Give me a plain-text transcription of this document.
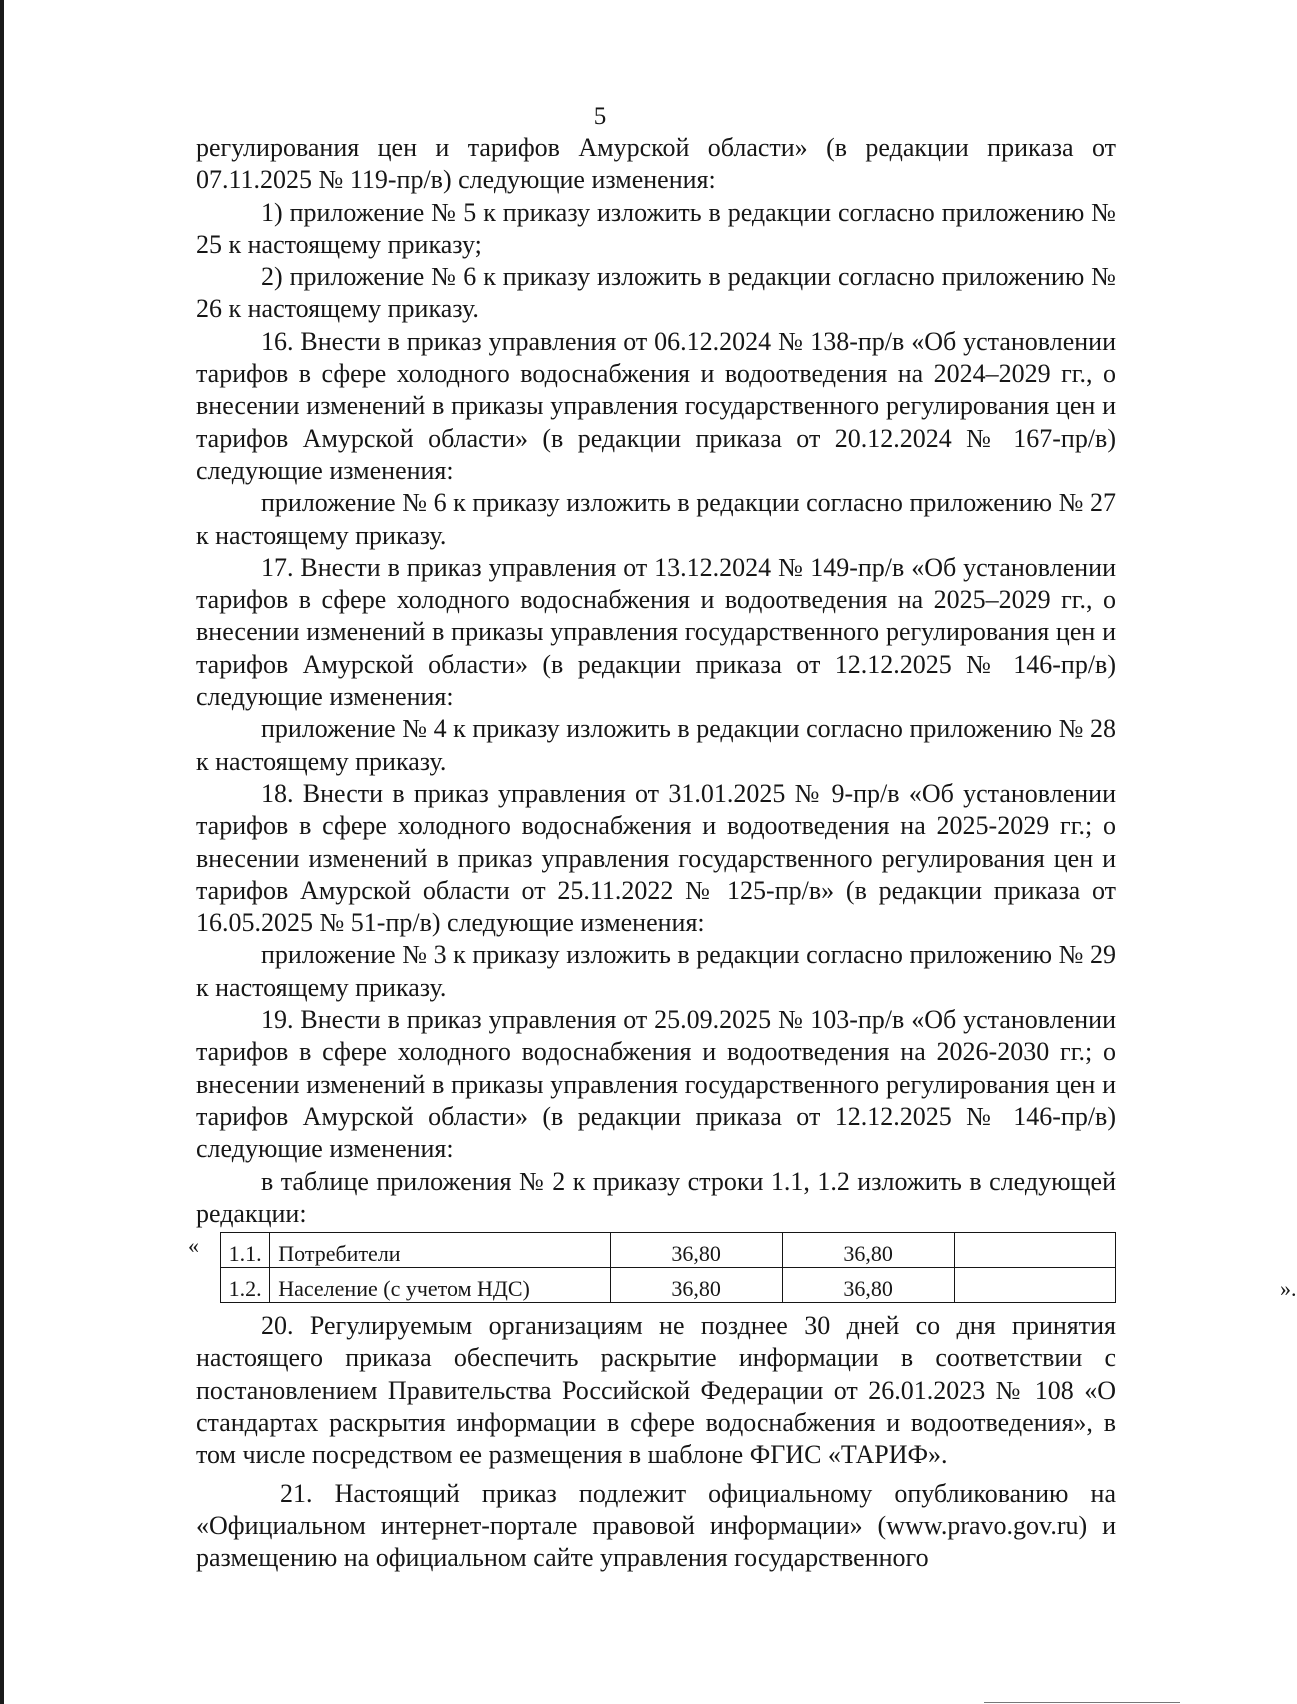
5

регулирования цен и тарифов Амурской области» (в редакции приказа от 07.11.2025 № 119-пр/в) следующие изменения:

1) приложение № 5 к приказу изложить в редакции согласно приложению № 25 к настоящему приказу;

2) приложение № 6 к приказу изложить в редакции согласно приложению № 26 к настоящему приказу.

16. Внести в приказ управления от 06.12.2024 № 138-пр/в «Об установлении тарифов в сфере холодного водоснабжения и водоотведения на 2024–2029 гг., о внесении изменений в приказы управления государственного регулирования цен и тарифов Амурской области» (в редакции приказа от 20.12.2024 № 167-пр/в) следующие изменения:

приложение № 6 к приказу изложить в редакции согласно приложению № 27 к настоящему приказу.

17. Внести в приказ управления от 13.12.2024 № 149-пр/в «Об установлении тарифов в сфере холодного водоснабжения и водоотведения на 2025–2029 гг., о внесении изменений в приказы управления государственного регулирования цен и тарифов Амурской области» (в редакции приказа от 12.12.2025 № 146-пр/в) следующие изменения:

приложение № 4 к приказу изложить в редакции согласно приложению № 28 к настоящему приказу.

18. Внести в приказ управления от 31.01.2025 № 9-пр/в «Об установлении тарифов в сфере холодного водоснабжения и водоотведения на 2025-2029 гг.; о внесении изменений в приказ управления государственного регулирования цен и тарифов Амурской области от 25.11.2022 № 125-пр/в» (в редакции приказа от 16.05.2025 № 51-пр/в) следующие изменения:

приложение № 3 к приказу изложить в редакции согласно приложению № 29 к настоящему приказу.

19. Внести в приказ управления от 25.09.2025 № 103-пр/в «Об установлении тарифов в сфере холодного водоснабжения и водоотведения на 2026-2030 гг.; о внесении изменений в приказы управления государственного регулирования цен и тарифов Амурской области» (в редакции приказа от 12.12.2025 № 146-пр/в) следующие изменения:

в таблице приложения № 2 к приказу строки 1.1, 1.2 изложить в следующей редакции:

« 1.1.	Потребители	36,80	36,80	
1.2.	Население (с учетом НДС)	36,80	36,80		».

20. Регулируемым организациям не позднее 30 дней со дня принятия настоящего приказа обеспечить раскрытие информации в соответствии с постановлением Правительства Российской Федерации от 26.01.2023 № 108 «О стандартах раскрытия информации в сфере водоснабжения и водоотведения», в том числе посредством ее размещения в шаблоне ФГИС «ТАРИФ».

21. Настоящий приказ подлежит официальному опубликованию на «Официальном интернет-портале правовой информации» (www.pravo.gov.ru) и размещению на официальном сайте управления государственного
